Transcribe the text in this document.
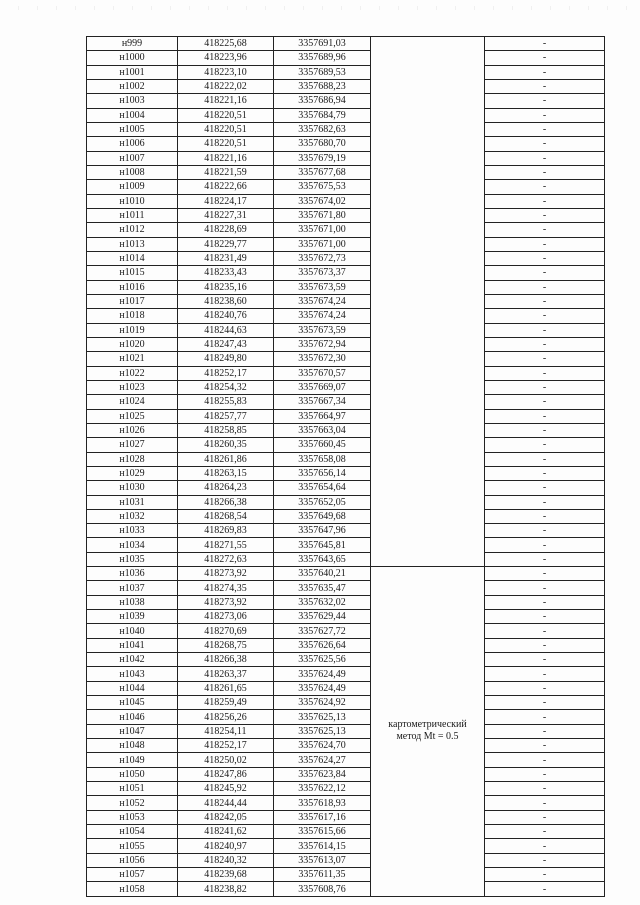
н999	418225,68	3357691,03		-
н1000	418223,96	3357689,96		-
н1001	418223,10	3357689,53		-
н1002	418222,02	3357688,23		-
н1003	418221,16	3357686,94		-
н1004	418220,51	3357684,79		-
н1005	418220,51	3357682,63		-
н1006	418220,51	3357680,70		-
н1007	418221,16	3357679,19		-
н1008	418221,59	3357677,68		-
н1009	418222,66	3357675,53		-
н1010	418224,17	3357674,02		-
н1011	418227,31	3357671,80		-
н1012	418228,69	3357671,00		-
н1013	418229,77	3357671,00		-
н1014	418231,49	3357672,73		-
н1015	418233,43	3357673,37		-
н1016	418235,16	3357673,59		-
н1017	418238,60	3357674,24		-
н1018	418240,76	3357674,24		-
н1019	418244,63	3357673,59		-
н1020	418247,43	3357672,94		-
н1021	418249,80	3357672,30		-
н1022	418252,17	3357670,57		-
н1023	418254,32	3357669,07		-
н1024	418255,83	3357667,34		-
н1025	418257,77	3357664,97		-
н1026	418258,85	3357663,04		-
н1027	418260,35	3357660,45		-
н1028	418261,86	3357658,08		-
н1029	418263,15	3357656,14		-
н1030	418264,23	3357654,64		-
н1031	418266,38	3357652,05		-
н1032	418268,54	3357649,68		-
н1033	418269,83	3357647,96		-
н1034	418271,55	3357645,81		-
н1035	418272,63	3357643,65		-
н1036	418273,92	3357640,21	картометрический метод Mt = 0.5	-
н1037	418274,35	3357635,47		-
н1038	418273,92	3357632,02		-
н1039	418273,06	3357629,44		-
н1040	418270,69	3357627,72		-
н1041	418268,75	3357626,64		-
н1042	418266,38	3357625,56		-
н1043	418263,37	3357624,49		-
н1044	418261,65	3357624,49		-
н1045	418259,49	3357624,92		-
н1046	418256,26	3357625,13		-
н1047	418254,11	3357625,13		-
н1048	418252,17	3357624,70		-
н1049	418250,02	3357624,27		-
н1050	418247,86	3357623,84		-
н1051	418245,92	3357622,12		-
н1052	418244,44	3357618,93		-
н1053	418242,05	3357617,16		-
н1054	418241,62	3357615,66		-
н1055	418240,97	3357614,15		-
н1056	418240,32	3357613,07		-
н1057	418239,68	3357611,35		-
н1058	418238,82	3357608,76		-
